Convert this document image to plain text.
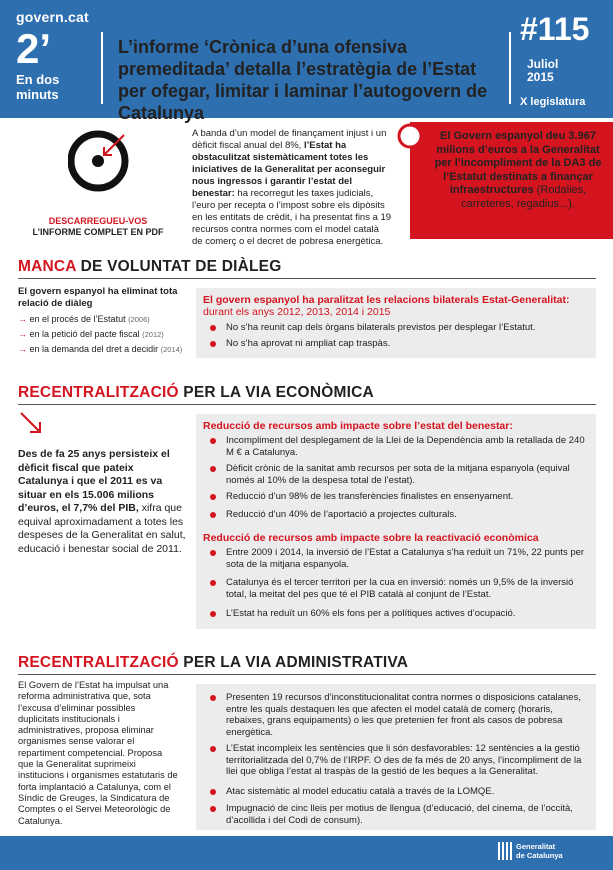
govern.cat
2’
En dos
minuts
L’informe ‘Crònica d’una ofensiva premeditada’ detalla l’estratègia de l’Estat per ofegar, limitar i laminar l’autogovern de Catalunya
#115
Juliol
2015
X legislatura
DESCARREGUEU-VOS
L’INFORME COMPLET EN PDF
A banda d’un model de finançament injust i un dèficit fiscal anual del 8%, l’Estat ha obstaculitzat sistemàticament totes les iniciatives de la Generalitat per aconseguir nous ingressos i garantir l’estat del benestar: ha recorregut les taxes judicials, l’euro per recepta o l’impost sobre els dipòsits en les entitats de crèdit, i ha presentat fins a 19 recursos contra normes com el model català de comerç o el decret de pobresa energètica.
El Govern espanyol deu 3.967 milions d’euros a la Generalitat per l’incompliment de la DA3 de l’Estatut destinats a finançar infraestructures (Rodalies, carreteres, regadius...).
MANCA DE VOLUNTAT DE DIÀLEG
El govern espanyol ha eliminat tota relació de diàleg
→ en el procés de l’Estatut (2006)
→ en la petició del pacte fiscal (2012)
→ en la demanda del dret a decidir (2014)
El govern espanyol ha paralitzat les relacions bilaterals Estat-Generalitat:
durant els anys 2012, 2013, 2014 i 2015
No s’ha reunit cap dels òrgans bilaterals previstos per desplegar l’Estatut.
No s’ha aprovat ni ampliat cap traspàs.
RECENTRALITZACIÓ PER LA VIA ECONÒMICA
Des de fa 25 anys persisteix el dèficit fiscal que pateix Catalunya i que el 2011 es va situar en els 15.006 milions d’euros, el 7,7% del PIB, xifra que equival aproximadament a totes les despeses de la Generalitat en salut, educació i benestar social de 2011.
Reducció de recursos amb impacte sobre l’estat del benestar:
Incompliment del desplegament de la Llei de la Dependència amb la retallada de 240 M € a Catalunya.
Dèficit crònic de la sanitat amb recursos per sota de la mitjana espanyola (equival només al 10% de la despesa total de l’estat).
Reducció d’un 98% de les transferències finalistes en ensenyament.
Reducció d’un 40% de l’aportació a projectes culturals.
Reducció de recursos amb impacte sobre la reactivació econòmica
Entre 2009 i 2014, la inversió de l’Estat a Catalunya s’ha reduït un 71%, 22 punts per sota de la mitjana espanyola.
Catalunya és el tercer territori per la cua en inversió: només un 9,5% de la inversió total, la meitat del pes que té el PIB català al conjunt de l’Estat.
L’Estat ha reduït un 60% els fons per a polítiques actives d’ocupació.
RECENTRALITZACIÓ PER LA VIA ADMINISTRATIVA
El Govern de l’Estat ha impulsat una reforma administrativa que, sota l’excusa d’eliminar possibles duplicitats institucionals i administratives, proposa eliminar organismes sense valorar el repartiment competencial. Proposa que la Generalitat suprimeixi institucions i organismes estatutaris de forta implantació a Catalunya, com el Síndic de Greuges, la Sindicatura de Comptes o el Servei Meteorològic de Catalunya.
Presenten 19 recursos d’inconstitucionalitat contra normes o disposicions catalanes, entre les quals destaquen les que afecten el model català de comerç (horaris, rebaixes, grans equipaments) o les que pretenien fer front als casos de pobresa energètica.
L’Estat incompleix les sentències que li són desfavorables: 12 sentències a la gestió territorialitzada del 0,7% de l’IRPF. O des de fa més de 20 anys, l’incompliment de la llei que obliga l’estat al traspàs de la gestió de les beques a la Generalitat.
Atac sistemàtic al model educatiu català a través de la LOMQE.
Impugnació de cinc lleis per motius de llengua (d’educació, del cinema, de l’occità, d’acollida i del Codi de consum).
Generalitat
de Catalunya
